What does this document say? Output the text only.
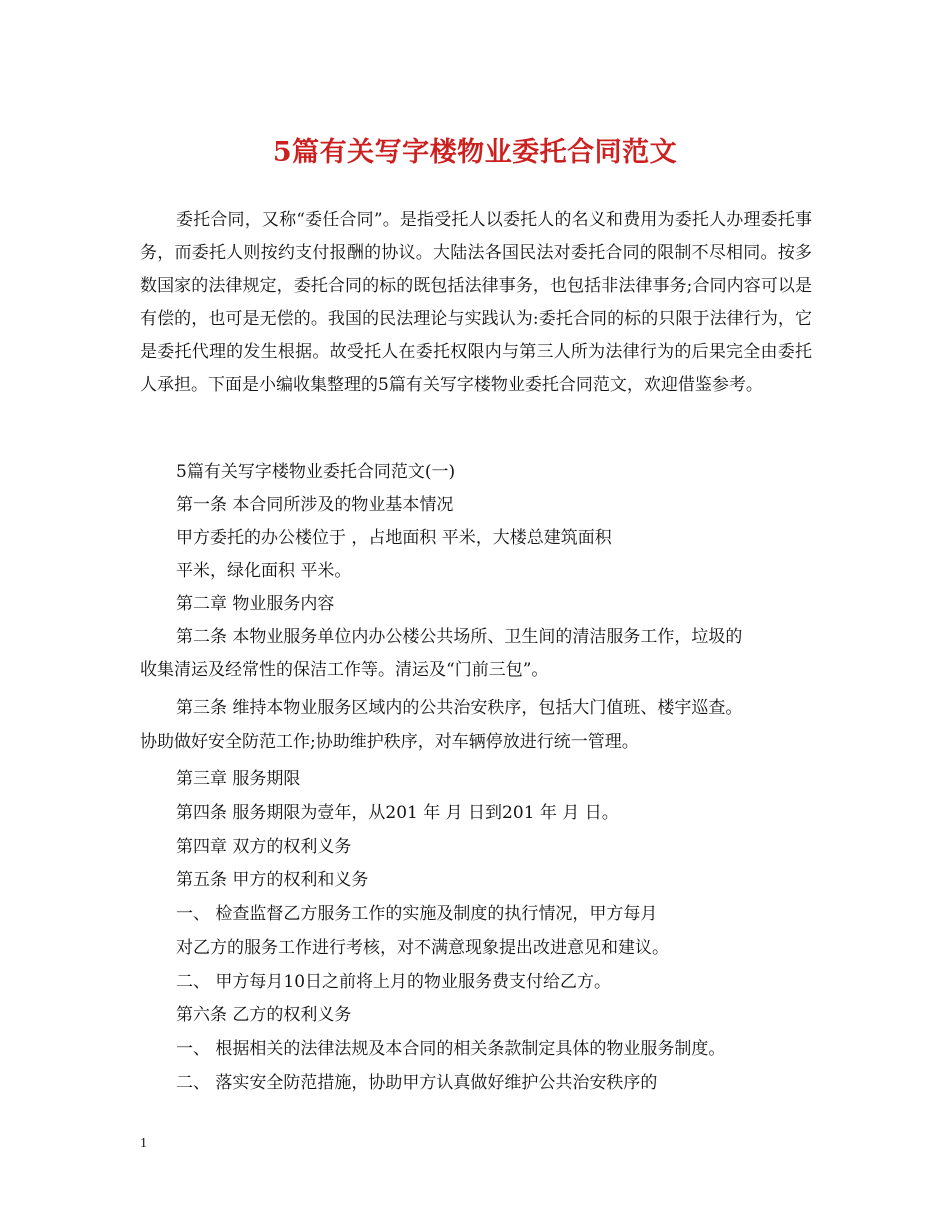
5篇有关写字楼物业委托合同范文

委托合同，又称“委任合同”。是指受托人以委托人的名义和费用为委托人办理委托事务，而委托人则按约支付报酬的协议。大陆法各国民法对委托合同的限制不尽相同。按多数国家的法律规定，委托合同的标的既包括法律事务，也包括非法律事务;合同内容可以是有偿的，也可是无偿的。我国的民法理论与实践认为:委托合同的标的只限于法律行为，它是委托代理的发生根据。故受托人在委托权限内与第三人所为法律行为的后果完全由委托人承担。下面是小编收集整理的5篇有关写字楼物业委托合同范文，欢迎借鉴参考。

5篇有关写字楼物业委托合同范文(一)
第一条 本合同所涉及的物业基本情况
甲方委托的办公楼位于 ，占地面积 平米，大楼总建筑面积
平米，绿化面积 平米。
第二章 物业服务内容
第二条 本物业服务单位内办公楼公共场所、卫生间的清洁服务工作，垃圾的
收集清运及经常性的保洁工作等。清运及“门前三包”。
第三条 维持本物业服务区域内的公共治安秩序，包括大门值班、楼宇巡查。
协助做好安全防范工作;协助维护秩序，对车辆停放进行统一管理。
第三章 服务期限
第四条 服务期限为壹年，从201 年 月 日到201 年 月 日。
第四章 双方的权利义务
第五条 甲方的权利和义务
一、 检查监督乙方服务工作的实施及制度的执行情况，甲方每月
对乙方的服务工作进行考核，对不满意现象提出改进意见和建议。
二、 甲方每月10日之前将上月的物业服务费支付给乙方。
第六条 乙方的权利义务
一、 根据相关的法律法规及本合同的相关条款制定具体的物业服务制度。
二、 落实安全防范措施，协助甲方认真做好维护公共治安秩序的
1
